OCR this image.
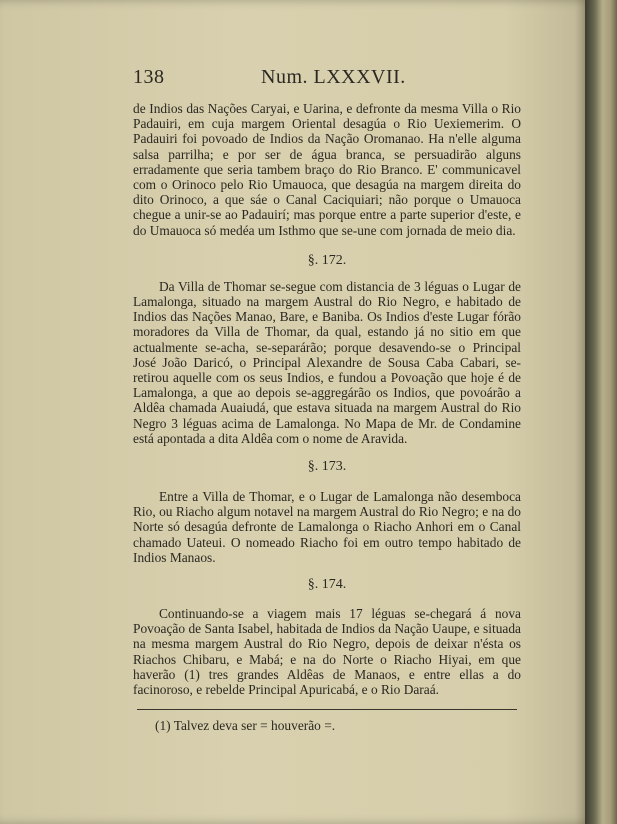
138	Num. LXXXVII.

de Indios das Nações Caryai, e Uarina, e defronte da mesma Villa o Rio Padauiri, em cuja margem Oriental desagúa o Rio Uexiemerim. O Padauiri foi povoado de Indios da Nação Oromanao. Ha n'elle alguma salsa parrilha; e por ser de água branca, se persuadirão alguns erradamente que seria tambem braço do Rio Branco. E' communicavel com o Orinoco pelo Rio Umauoca, que desagúa na margem direita do dito Orinoco, a que sáe o Canal Caciquiari; não porque o Umauoca chegue a unir-se ao Padauirí; mas porque entre a parte superior d'este, e do Umauoca só medéa um Isthmo que se-une com jornada de meio dia.

§. 172.

Da Villa de Thomar se-segue com distancia de 3 léguas o Lugar de Lamalonga, situado na margem Austral do Rio Negro, e habitado de Indios das Nações Manao, Bare, e Baniba. Os Indios d'este Lugar fórão moradores da Villa de Thomar, da qual, estando já no sitio em que actualmente se-acha, se-separárão; porque desavendo-se o Principal José João Daricó, o Principal Alexandre de Sousa Caba Cabari, se-retirou aquelle com os seus Indios, e fundou a Povoação que hoje é de Lamalonga, a que ao depois se-aggregárão os Indios, que povoárão a Aldêa chamada Auaiudá, que estava situada na margem Austral do Rio Negro 3 léguas acima de Lamalonga. No Mapa de Mr. de Condamine está apontada a dita Aldêa com o nome de Aravida.

§. 173.

Entre a Villa de Thomar, e o Lugar de Lamalonga não desemboca Rio, ou Riacho algum notavel na margem Austral do Rio Negro; e na do Norte só desagúa defronte de Lamalonga o Riacho Anhori em o Canal chamado Uateui. O nomeado Riacho foi em outro tempo habitado de Indios Manaos.

§. 174.

Continuando-se a viagem mais 17 léguas se-chegará á nova Povoação de Santa Isabel, habitada de Indios da Nação Uaupe, e situada na mesma margem Austral do Rio Negro, depois de deixar n'ésta os Riachos Chibaru, e Mabá; e na do Norte o Riacho Hiyai, em que haverão (1) tres grandes Aldêas de Manaos, e entre ellas a do facinoroso, e rebelde Principal Apuricabá, e o Rio Daraá.

(1) Talvez deva ser = houverão =.
